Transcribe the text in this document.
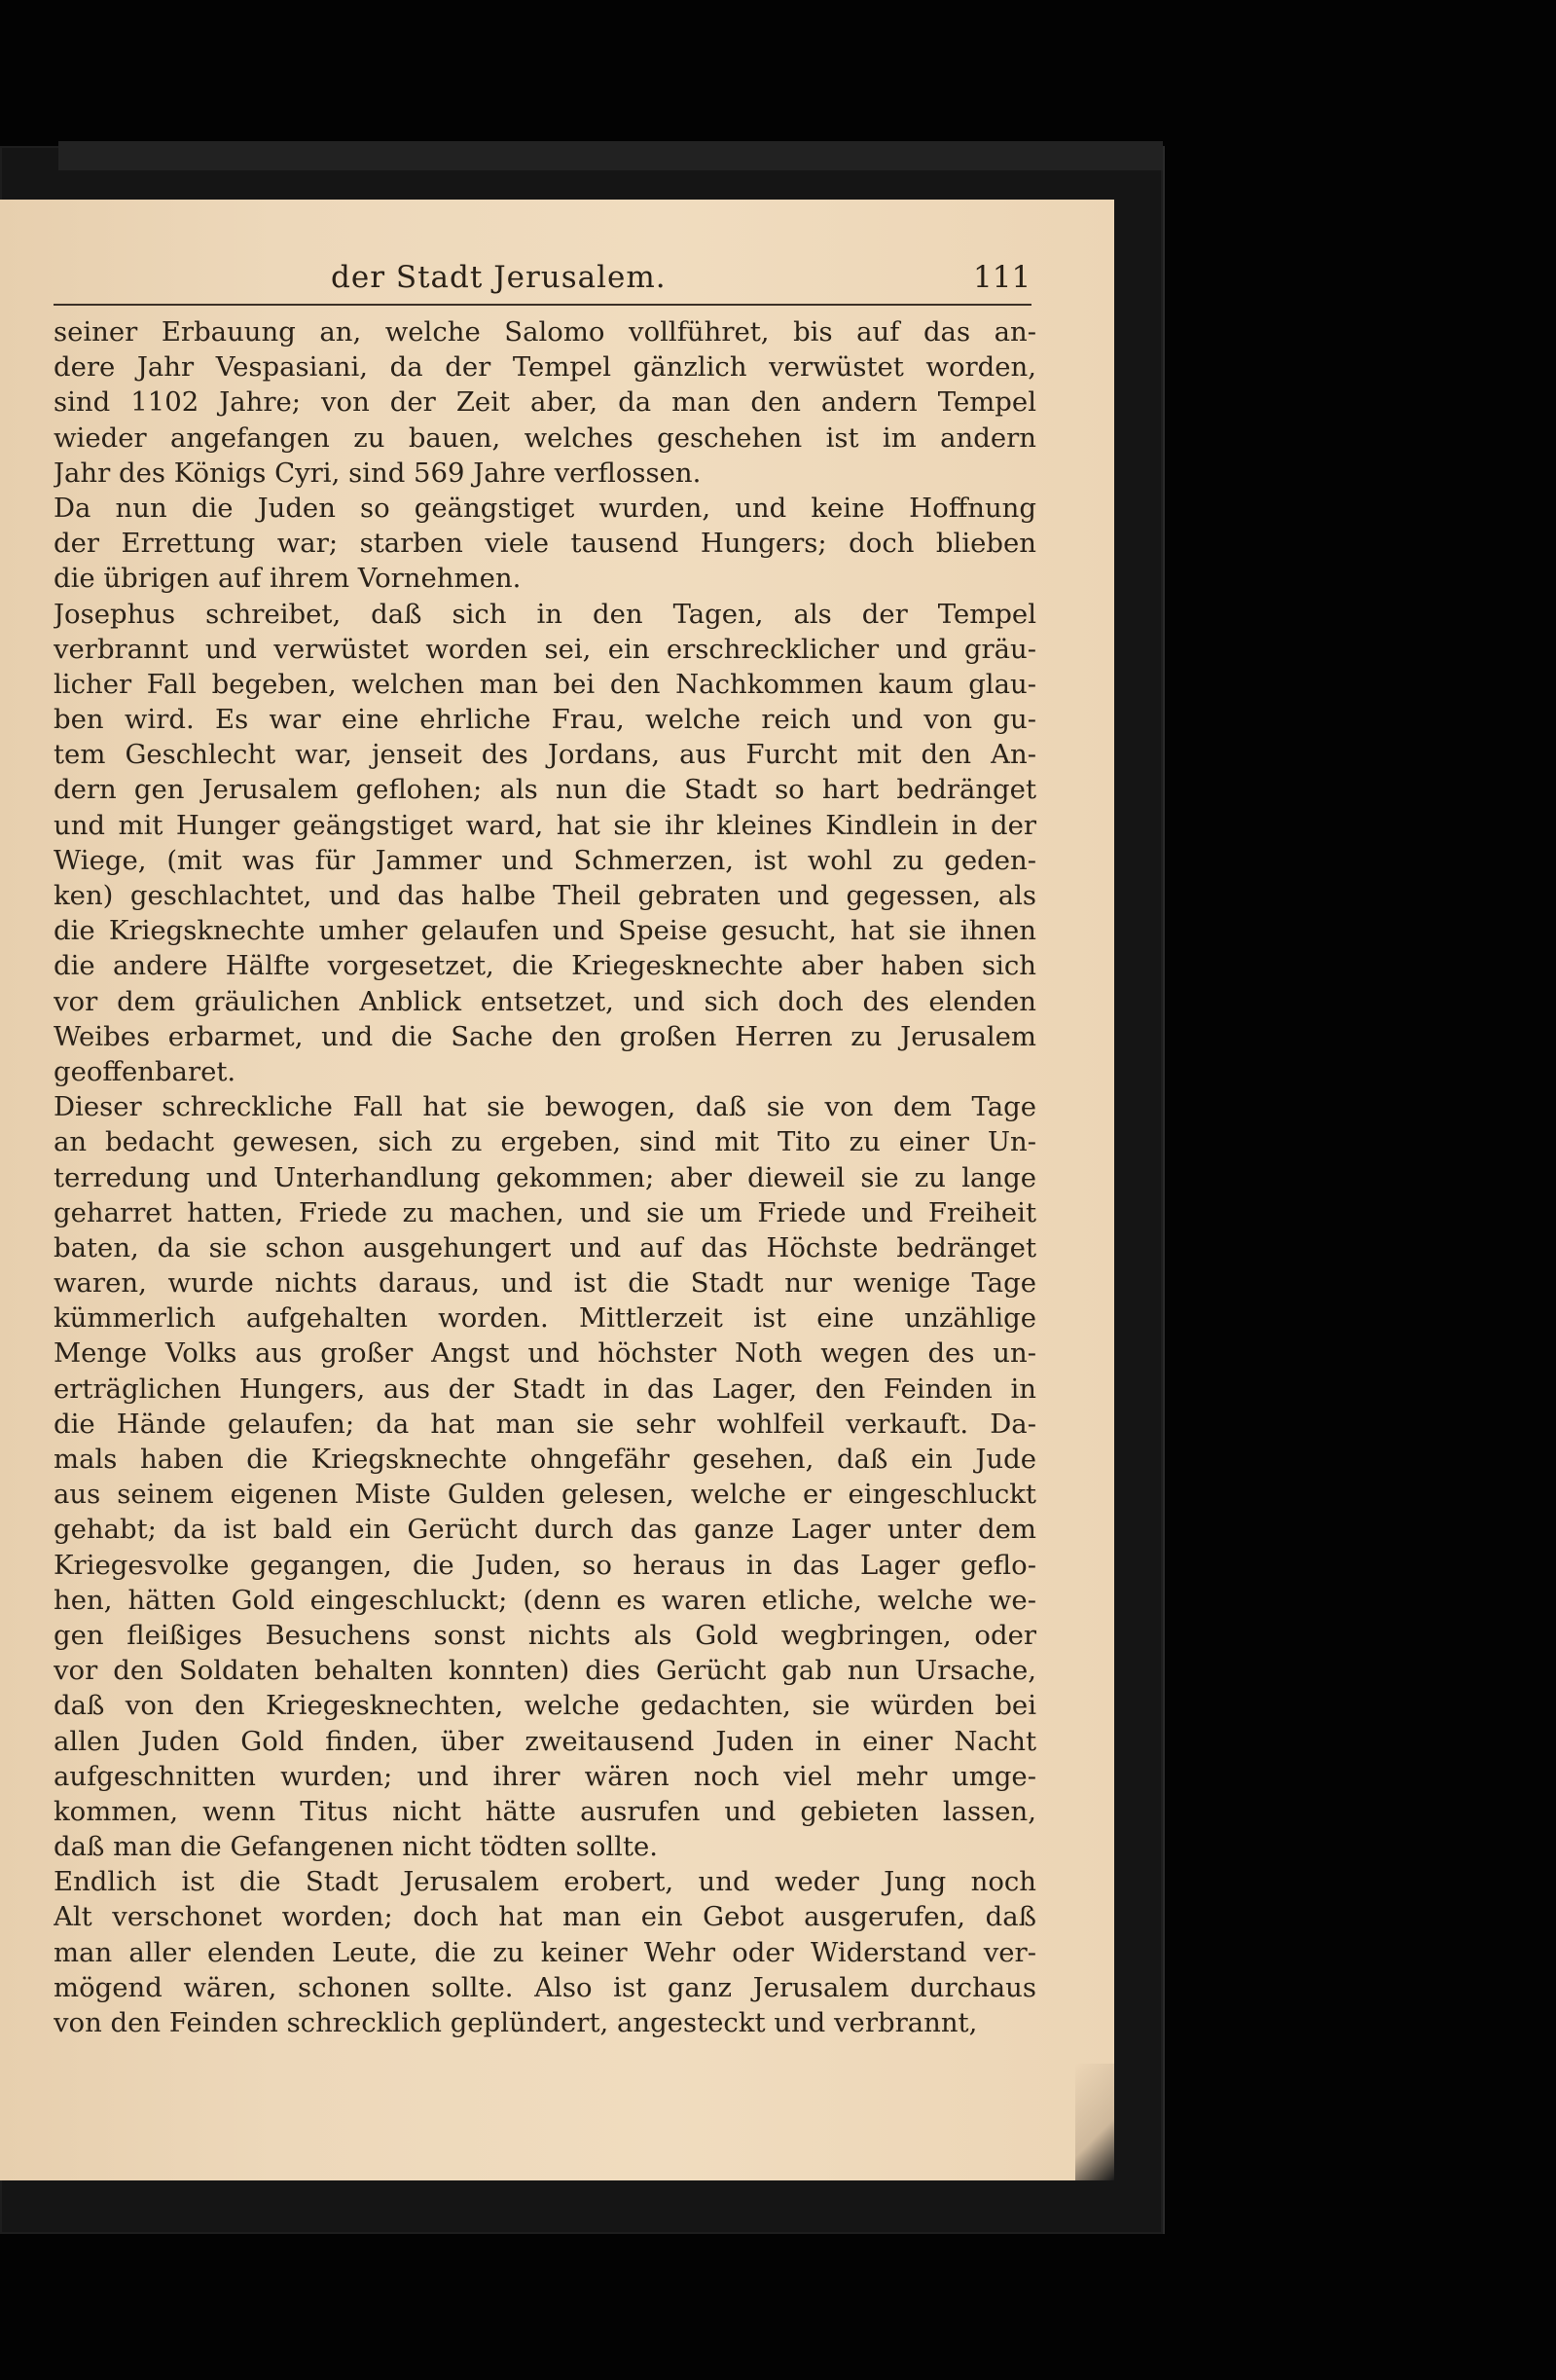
der Stadt Jerusalem.	111
seiner Erbauung an, welche Salomo vollführet, bis auf das an-
dere Jahr Vespasiani, da der Tempel gänzlich verwüstet worden,
sind 1102 Jahre; von der Zeit aber, da man den andern Tempel
wieder angefangen zu bauen, welches geschehen ist im andern
Jahr des Königs Cyri, sind 569 Jahre verflossen.
Da nun die Juden so geängstiget wurden, und keine Hoffnung
der Errettung war; starben viele tausend Hungers; doch blieben
die übrigen auf ihrem Vornehmen.
Josephus schreibet, daß sich in den Tagen, als der Tempel
verbrannt und verwüstet worden sei, ein erschrecklicher und gräu-
licher Fall begeben, welchen man bei den Nachkommen kaum glau-
ben wird. Es war eine ehrliche Frau, welche reich und von gu-
tem Geschlecht war, jenseit des Jordans, aus Furcht mit den An-
dern gen Jerusalem geflohen; als nun die Stadt so hart bedränget
und mit Hunger geängstiget ward, hat sie ihr kleines Kindlein in der
Wiege, (mit was für Jammer und Schmerzen, ist wohl zu geden-
ken) geschlachtet, und das halbe Theil gebraten und gegessen, als
die Kriegsknechte umher gelaufen und Speise gesucht, hat sie ihnen
die andere Hälfte vorgesetzet, die Kriegesknechte aber haben sich
vor dem gräulichen Anblick entsetzet, und sich doch des elenden
Weibes erbarmet, und die Sache den großen Herren zu Jerusalem
geoffenbaret.
Dieser schreckliche Fall hat sie bewogen, daß sie von dem Tage
an bedacht gewesen, sich zu ergeben, sind mit Tito zu einer Un-
terredung und Unterhandlung gekommen; aber dieweil sie zu lange
geharret hatten, Friede zu machen, und sie um Friede und Freiheit
baten, da sie schon ausgehungert und auf das Höchste bedränget
waren, wurde nichts daraus, und ist die Stadt nur wenige Tage
kümmerlich aufgehalten worden. Mittlerzeit ist eine unzählige
Menge Volks aus großer Angst und höchster Noth wegen des un-
erträglichen Hungers, aus der Stadt in das Lager, den Feinden in
die Hände gelaufen; da hat man sie sehr wohlfeil verkauft. Da-
mals haben die Kriegsknechte ohngefähr gesehen, daß ein Jude
aus seinem eigenen Miste Gulden gelesen, welche er eingeschluckt
gehabt; da ist bald ein Gerücht durch das ganze Lager unter dem
Kriegesvolke gegangen, die Juden, so heraus in das Lager geflo-
hen, hätten Gold eingeschluckt; (denn es waren etliche, welche we-
gen fleißiges Besuchens sonst nichts als Gold wegbringen, oder
vor den Soldaten behalten konnten) dies Gerücht gab nun Ursache,
daß von den Kriegesknechten, welche gedachten, sie würden bei
allen Juden Gold finden, über zweitausend Juden in einer Nacht
aufgeschnitten wurden; und ihrer wären noch viel mehr umge-
kommen, wenn Titus nicht hätte ausrufen und gebieten lassen,
daß man die Gefangenen nicht tödten sollte.
Endlich ist die Stadt Jerusalem erobert, und weder Jung noch
Alt verschonet worden; doch hat man ein Gebot ausgerufen, daß
man aller elenden Leute, die zu keiner Wehr oder Widerstand ver-
mögend wären, schonen sollte. Also ist ganz Jerusalem durchaus
von den Feinden schrecklich geplündert, angesteckt und verbrannt,
